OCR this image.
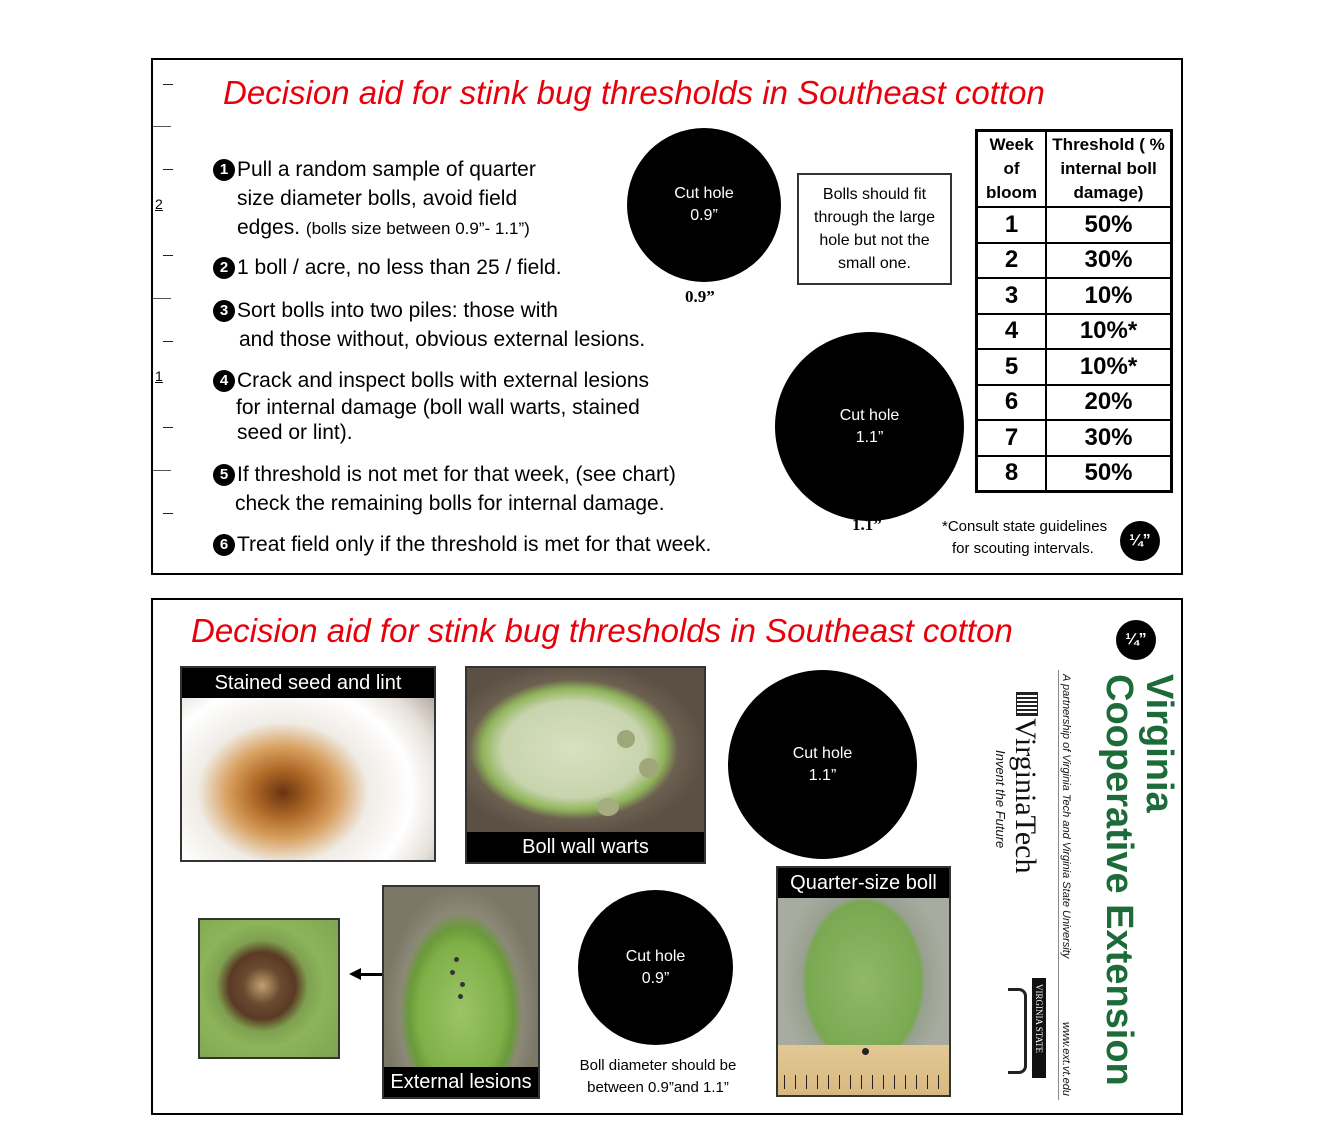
2
1
Decision aid for stink bug thresholds in Southeast cotton
1 Pull a random sample of quarter
size diameter bolls, avoid field
edges. (bolls size between 0.9”- 1.1”)
2 1 boll / acre, no less than 25 / field.
3 Sort bolls into two piles: those with
and those without, obvious external lesions.
4 Crack and inspect bolls with external lesions
for internal damage (boll wall warts, stained
seed or lint).
5 If threshold is not met for that week, (see chart)
check the remaining bolls for internal damage.
6 Treat field only if the threshold is met for that week.
Cut hole
0.9”
0.9”
Bolls should fit through the large hole but not the small one.
Cut hole
1.1”
1.1”	*Consult state guidelines
for scouting intervals.	¼”
Week of bloom	Threshold ( % internal boll damage)
1	50%
2	30%
3	10%
4	10%*
5	10%*
6	20%
7	30%
8	50%
Decision aid for stink bug thresholds in Southeast cotton	¼”
Stained seed and lint
Boll wall warts
Cut hole
1.1”
External lesions
Cut hole
0.9”
Boll diameter should be
between 0.9”and 1.1”
Quarter-size boll
Virginia
Cooperative Extension
A partnership of Virginia Tech and Virginia State University
www.ext.vt.edu
VirginiaTech
Invent the Future
VIRGINIA STATE
